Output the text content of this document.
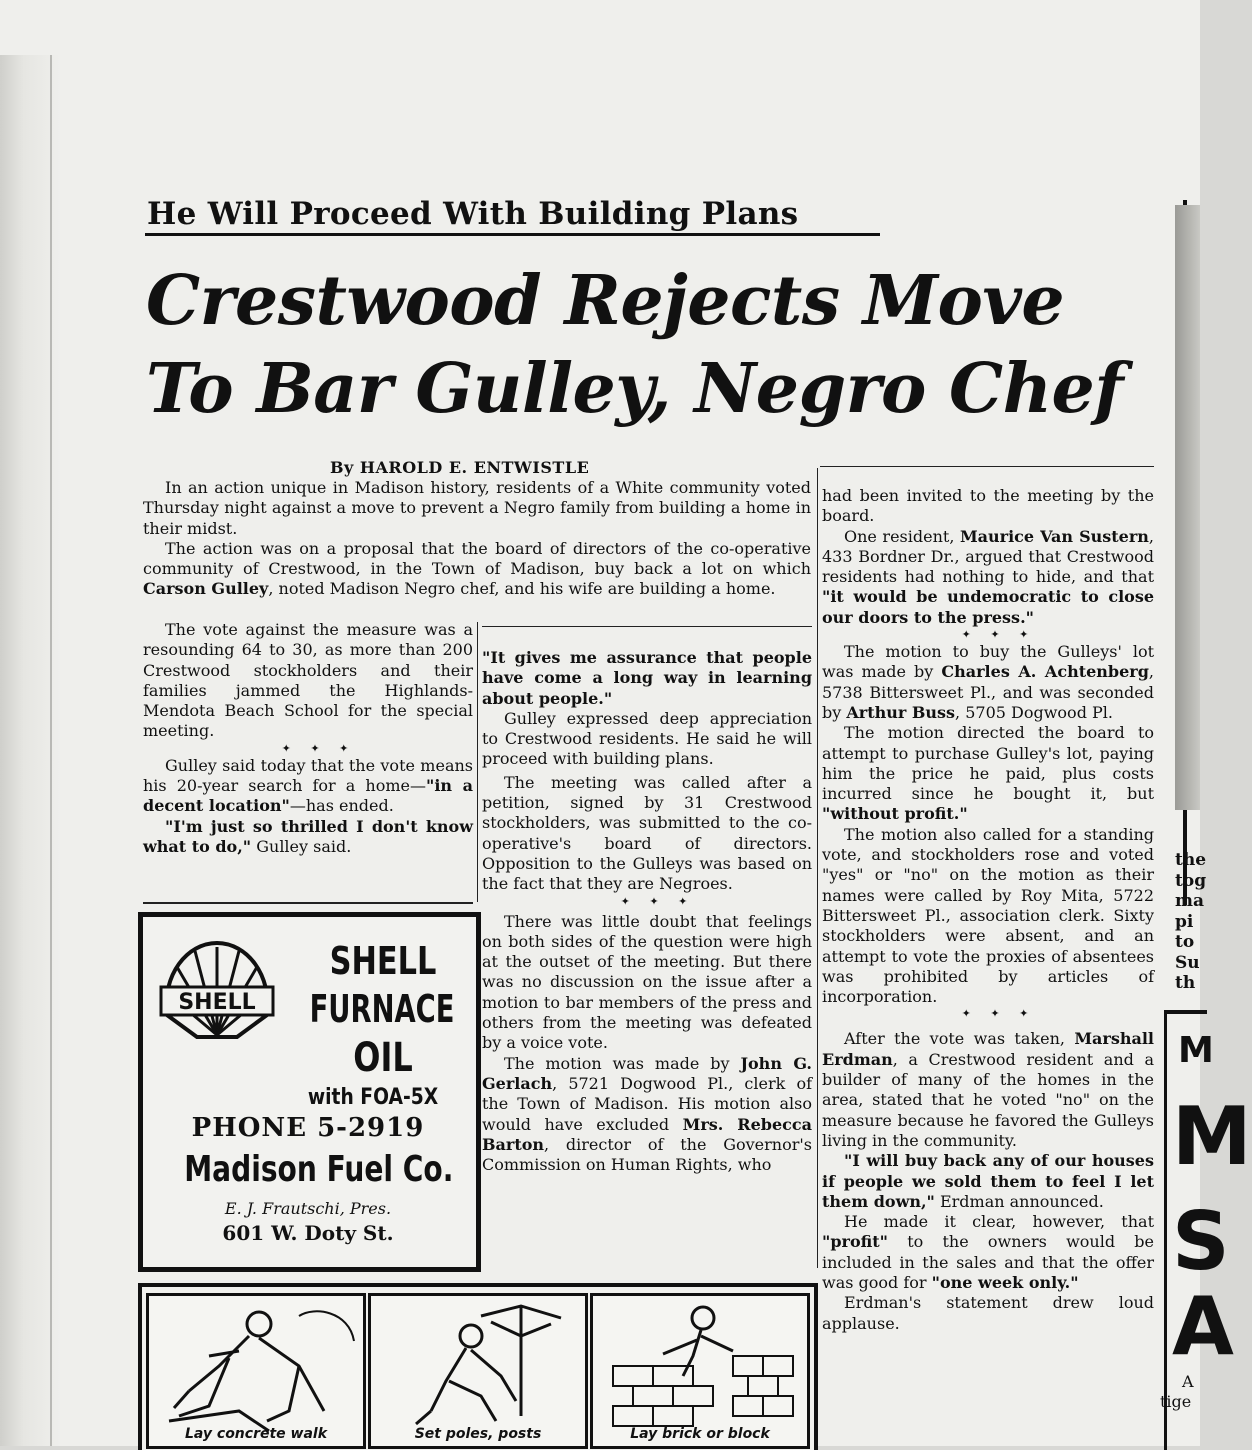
He Will Proceed With Building Plans
Crestwood Rejects Move
To Bar Gulley, Negro Chef
By HAROLD E. ENTWISTLE

In an action unique in Madison history, residents of a White community voted Thursday night against a move to prevent a Negro family from building a home in their midst.

The action was on a proposal that the board of directors of the co-operative community of Crestwood, in the Town of Madison, buy back a lot on which Carson Gulley, noted Madison Negro chef, and his wife are building a home.

The vote against the measure was a resounding 64 to 30, as more than 200 Crestwood stockholders and their families jammed the Highlands-Mendota Beach School for the special meeting.

✦ ✦ ✦

Gulley said today that the vote means his 20-year search for a home—"in a decent location"—has ended.

"I'm just so thrilled I don't know what to do," Gulley said.

"It gives me assurance that people have come a long way in learning about people."

Gulley expressed deep appreciation to Crestwood residents. He said he will proceed with building plans.

The meeting was called after a petition, signed by 31 Crestwood stockholders, was submitted to the co-operative's board of directors. Opposition to the Gulleys was based on the fact that they are Negroes.

✦ ✦ ✦

There was little doubt that feelings on both sides of the question were high at the outset of the meeting. But there was no discussion on the issue after a motion to bar members of the press and others from the meeting was defeated by a voice vote.

The motion was made by John G. Gerlach, 5721 Dogwood Pl., clerk of the Town of Madison. His motion also would have excluded Mrs. Rebecca Barton, director of the Governor's Commission on Human Rights, who

had been invited to the meeting by the board.

One resident, Maurice Van Sustern, 433 Bordner Dr., argued that Crestwood residents had nothing to hide, and that "it would be undemocratic to close our doors to the press."

✦ ✦ ✦

The motion to buy the Gulleys' lot was made by Charles A. Achtenberg, 5738 Bittersweet Pl., and was seconded by Arthur Buss, 5705 Dogwood Pl.

The motion directed the board to attempt to purchase Gulley's lot, paying him the price he paid, plus costs incurred since he bought it, but "without profit."

The motion also called for a standing vote, and stockholders rose and voted "yes" or "no" on the motion as their names were called by Roy Mita, 5722 Bittersweet Pl., association clerk. Sixty stockholders were absent, and an attempt to vote the proxies of absentees was prohibited by articles of incorporation.

✦ ✦ ✦

After the vote was taken, Marshall Erdman, a Crestwood resident and a builder of many of the homes in the area, stated that he voted "no" on the measure because he favored the Gulleys living in the community.

"I will buy back any of our houses if people we sold them to feel I let them down," Erdman announced.

He made it clear, however, that "profit" to the owners would be included in the sales and that the offer was good for "one week only."

Erdman's statement drew loud applause.

SHELL
SHELL
FURNACE
OIL
with FOA-5X
PHONE 5-2919
Madison Fuel Co.
E. J. Frautschi, Pres.
601 W. Doty St.
Lay concrete walk	Set poles, posts	Lay brick or block
the
tog
ma
pi
to
Su
th
M
M
S
A
A
tige
